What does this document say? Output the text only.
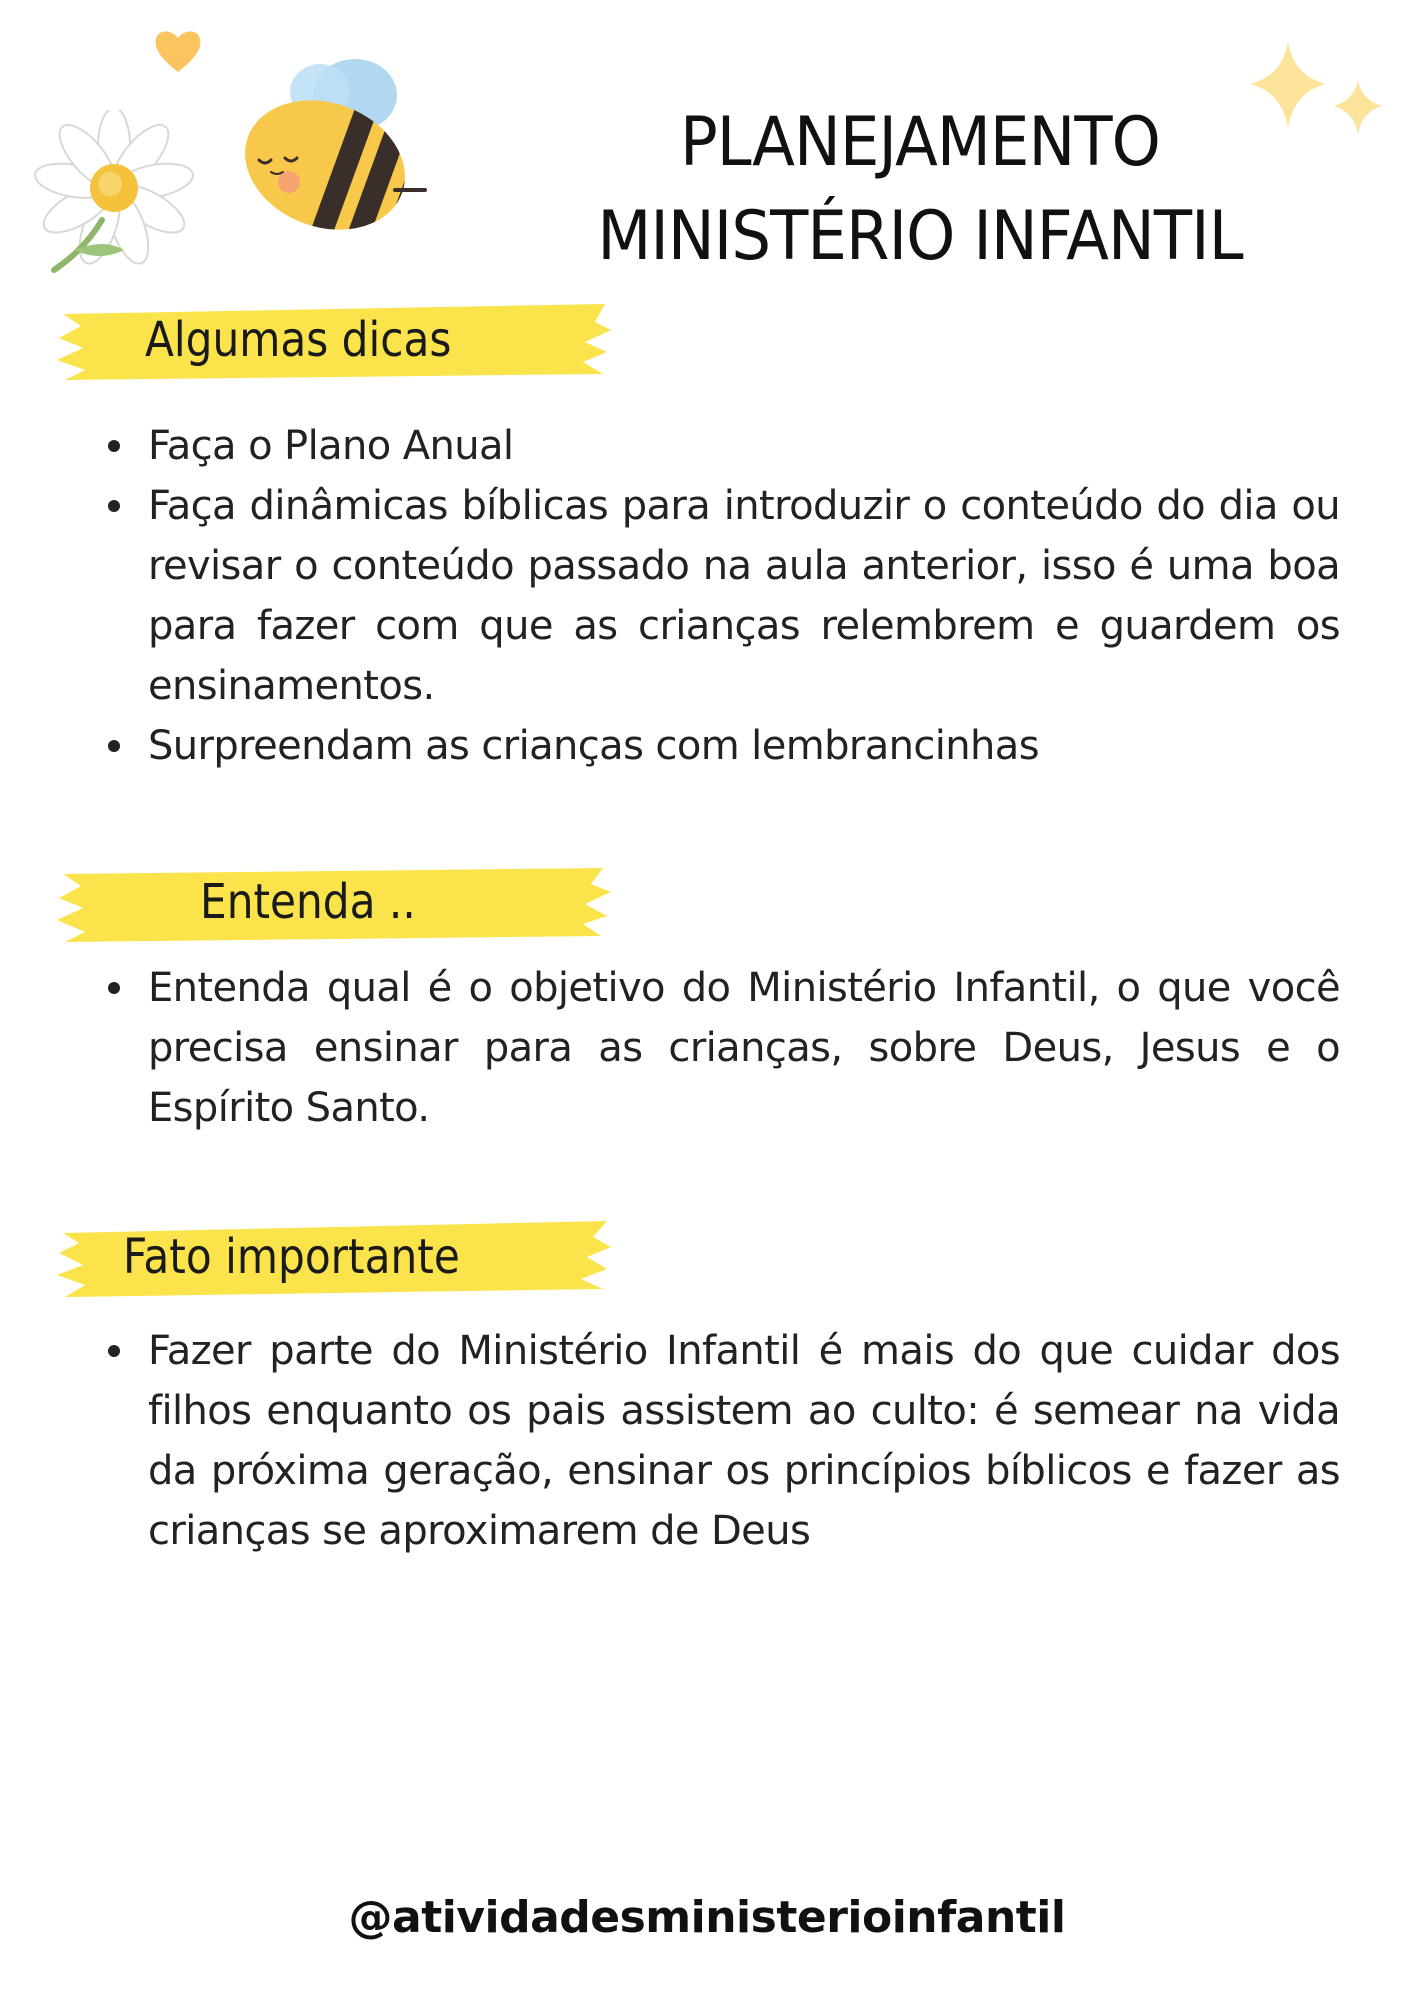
PLANEJAMENTO
MINISTÉRIO INFANTIL
Algumas dicas
Faça o Plano Anual
Faça dinâmicas bíblicas para introduzir o conteúdo do dia ou revisar o conteúdo passado na aula anterior, isso é uma boa para fazer com que as crianças relembrem e guardem os ensinamentos.
Surpreendam as crianças com lembrancinhas
Entenda ..
Entenda qual é o objetivo do Ministério Infantil, o que você precisa ensinar para as crianças, sobre Deus, Jesus e o Espírito Santo.
Fato importante
Fazer parte do Ministério Infantil é mais do que cuidar dos filhos enquanto os pais assistem ao culto: é semear na vida da próxima geração, ensinar os princípios bíblicos e fazer as crianças se aproximarem de Deus
@atividadesministerioinfantil
